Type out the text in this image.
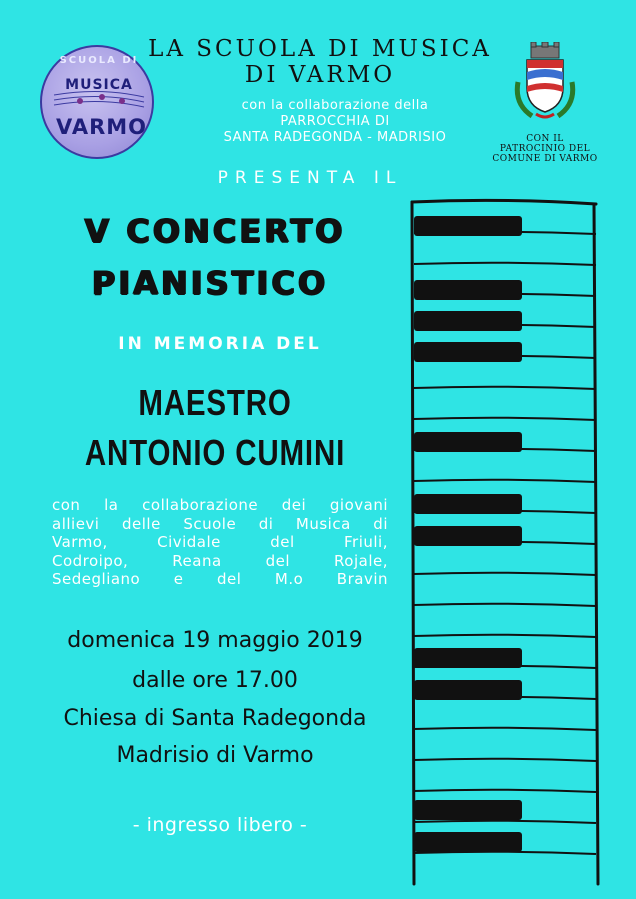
SCUOLA DI
MUSICA
VARMO
LA SCUOLA DI MUSICA
DI VARMO
con la collaborazione della
PARROCCHIA DI
SANTA RADEGONDA - MADRISIO	CON IL
PATROCINIO DEL
COMUNE DI VARMO
PRESENTA IL
V CONCERTO
PIANISTICO
IN MEMORIA DEL
MAESTRO
ANTONIO CUMINI
con la collaborazione dei giovani
allievi delle Scuole di Musica di
Varmo, Cividale del Friuli,
Codroipo, Reana del Rojale,
Sedegliano e del M.o Bravin
domenica 19 maggio 2019
dalle ore 17.00
Chiesa di Santa Radegonda
Madrisio di Varmo
- ingresso libero -
